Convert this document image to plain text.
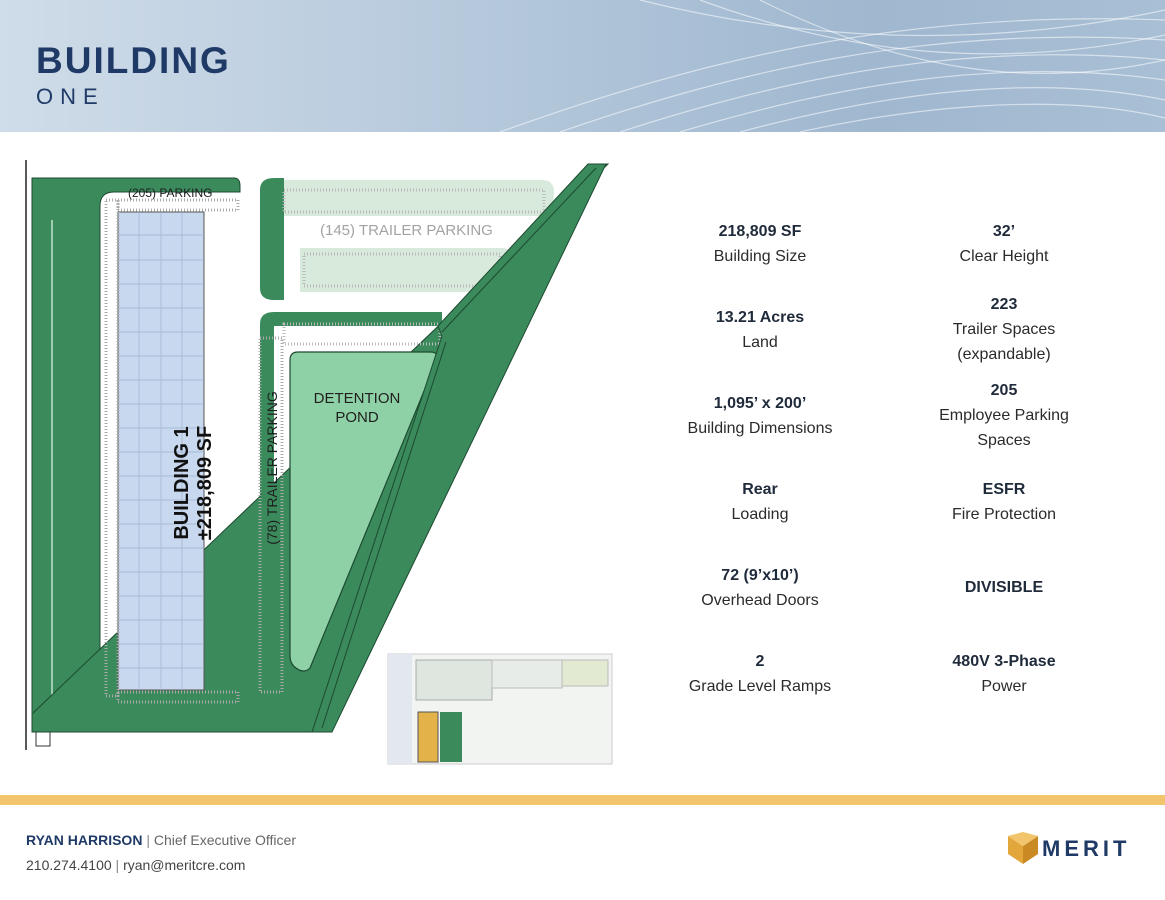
BUILDING
ONE
(205) PARKING
(145) TRAILER PARKING
DETENTION
POND
(78) TRAILER PARKING
BUILDING 1 ±218,809 SF
218,809 SF
Building Size
32’
Clear Height
13.21 Acres
Land
223
Trailer Spaces
(expandable)
1,095’ x 200’
Building Dimensions
205
Employee Parking
Spaces
Rear
Loading
ESFR
Fire Protection
72 (9’x10’)
Overhead Doors
DIVISIBLE
2
Grade Level Ramps
480V 3-Phase
Power
RYAN HARRISON | Chief Executive Officer
210.274.4100 | ryan@meritcre.com
MERIT
